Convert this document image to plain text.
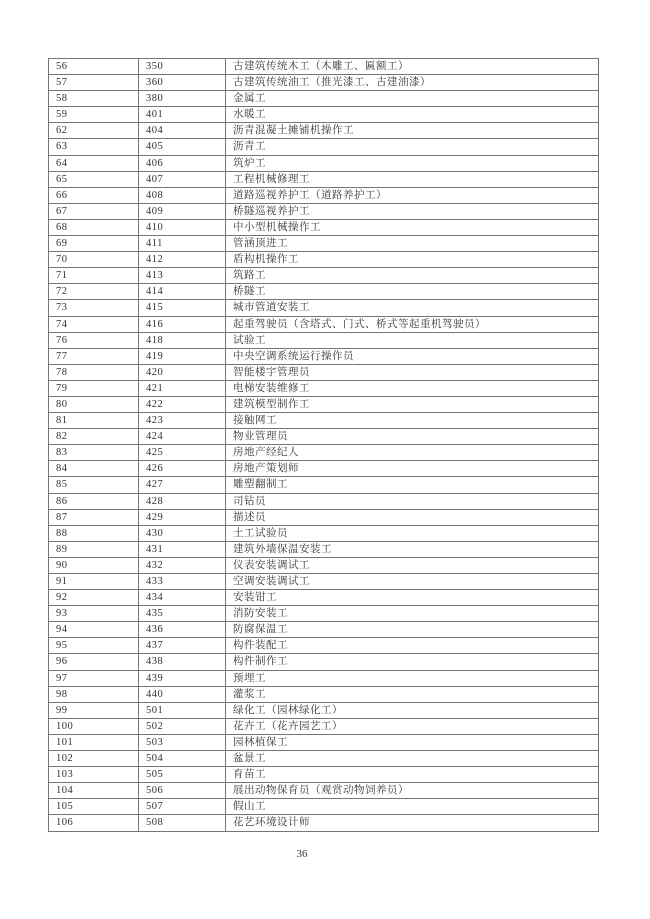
56	350	古建筑传统木工（木雕工、匾额工）
57	360	古建筑传统油工（推光漆工、古建油漆）
58	380	金属工
59	401	水暖工
62	404	沥青混凝土摊铺机操作工
63	405	沥青工
64	406	筑炉工
65	407	工程机械修理工
66	408	道路巡视养护工（道路养护工）
67	409	桥隧巡视养护工
68	410	中小型机械操作工
69	411	管涵顶进工
70	412	盾构机操作工
71	413	筑路工
72	414	桥隧工
73	415	城市管道安装工
74	416	起重驾驶员（含塔式、门式、桥式等起重机驾驶员）
76	418	试验工
77	419	中央空调系统运行操作员
78	420	智能楼宇管理员
79	421	电梯安装维修工
80	422	建筑模型制作工
81	423	接触网工
82	424	物业管理员
83	425	房地产经纪人
84	426	房地产策划师
85	427	雕塑翻制工
86	428	司钻员
87	429	描述员
88	430	土工试验员
89	431	建筑外墙保温安装工
90	432	仪表安装调试工
91	433	空调安装调试工
92	434	安装钳工
93	435	消防安装工
94	436	防腐保温工
95	437	构件装配工
96	438	构件制作工
97	439	预埋工
98	440	灌浆工
99	501	绿化工（园林绿化工）
100	502	花卉工（花卉园艺工）
101	503	园林植保工
102	504	盆景工
103	505	育苗工
104	506	展出动物保育员（观赏动物饲养员）
105	507	假山工
106	508	花艺环境设计师
36
